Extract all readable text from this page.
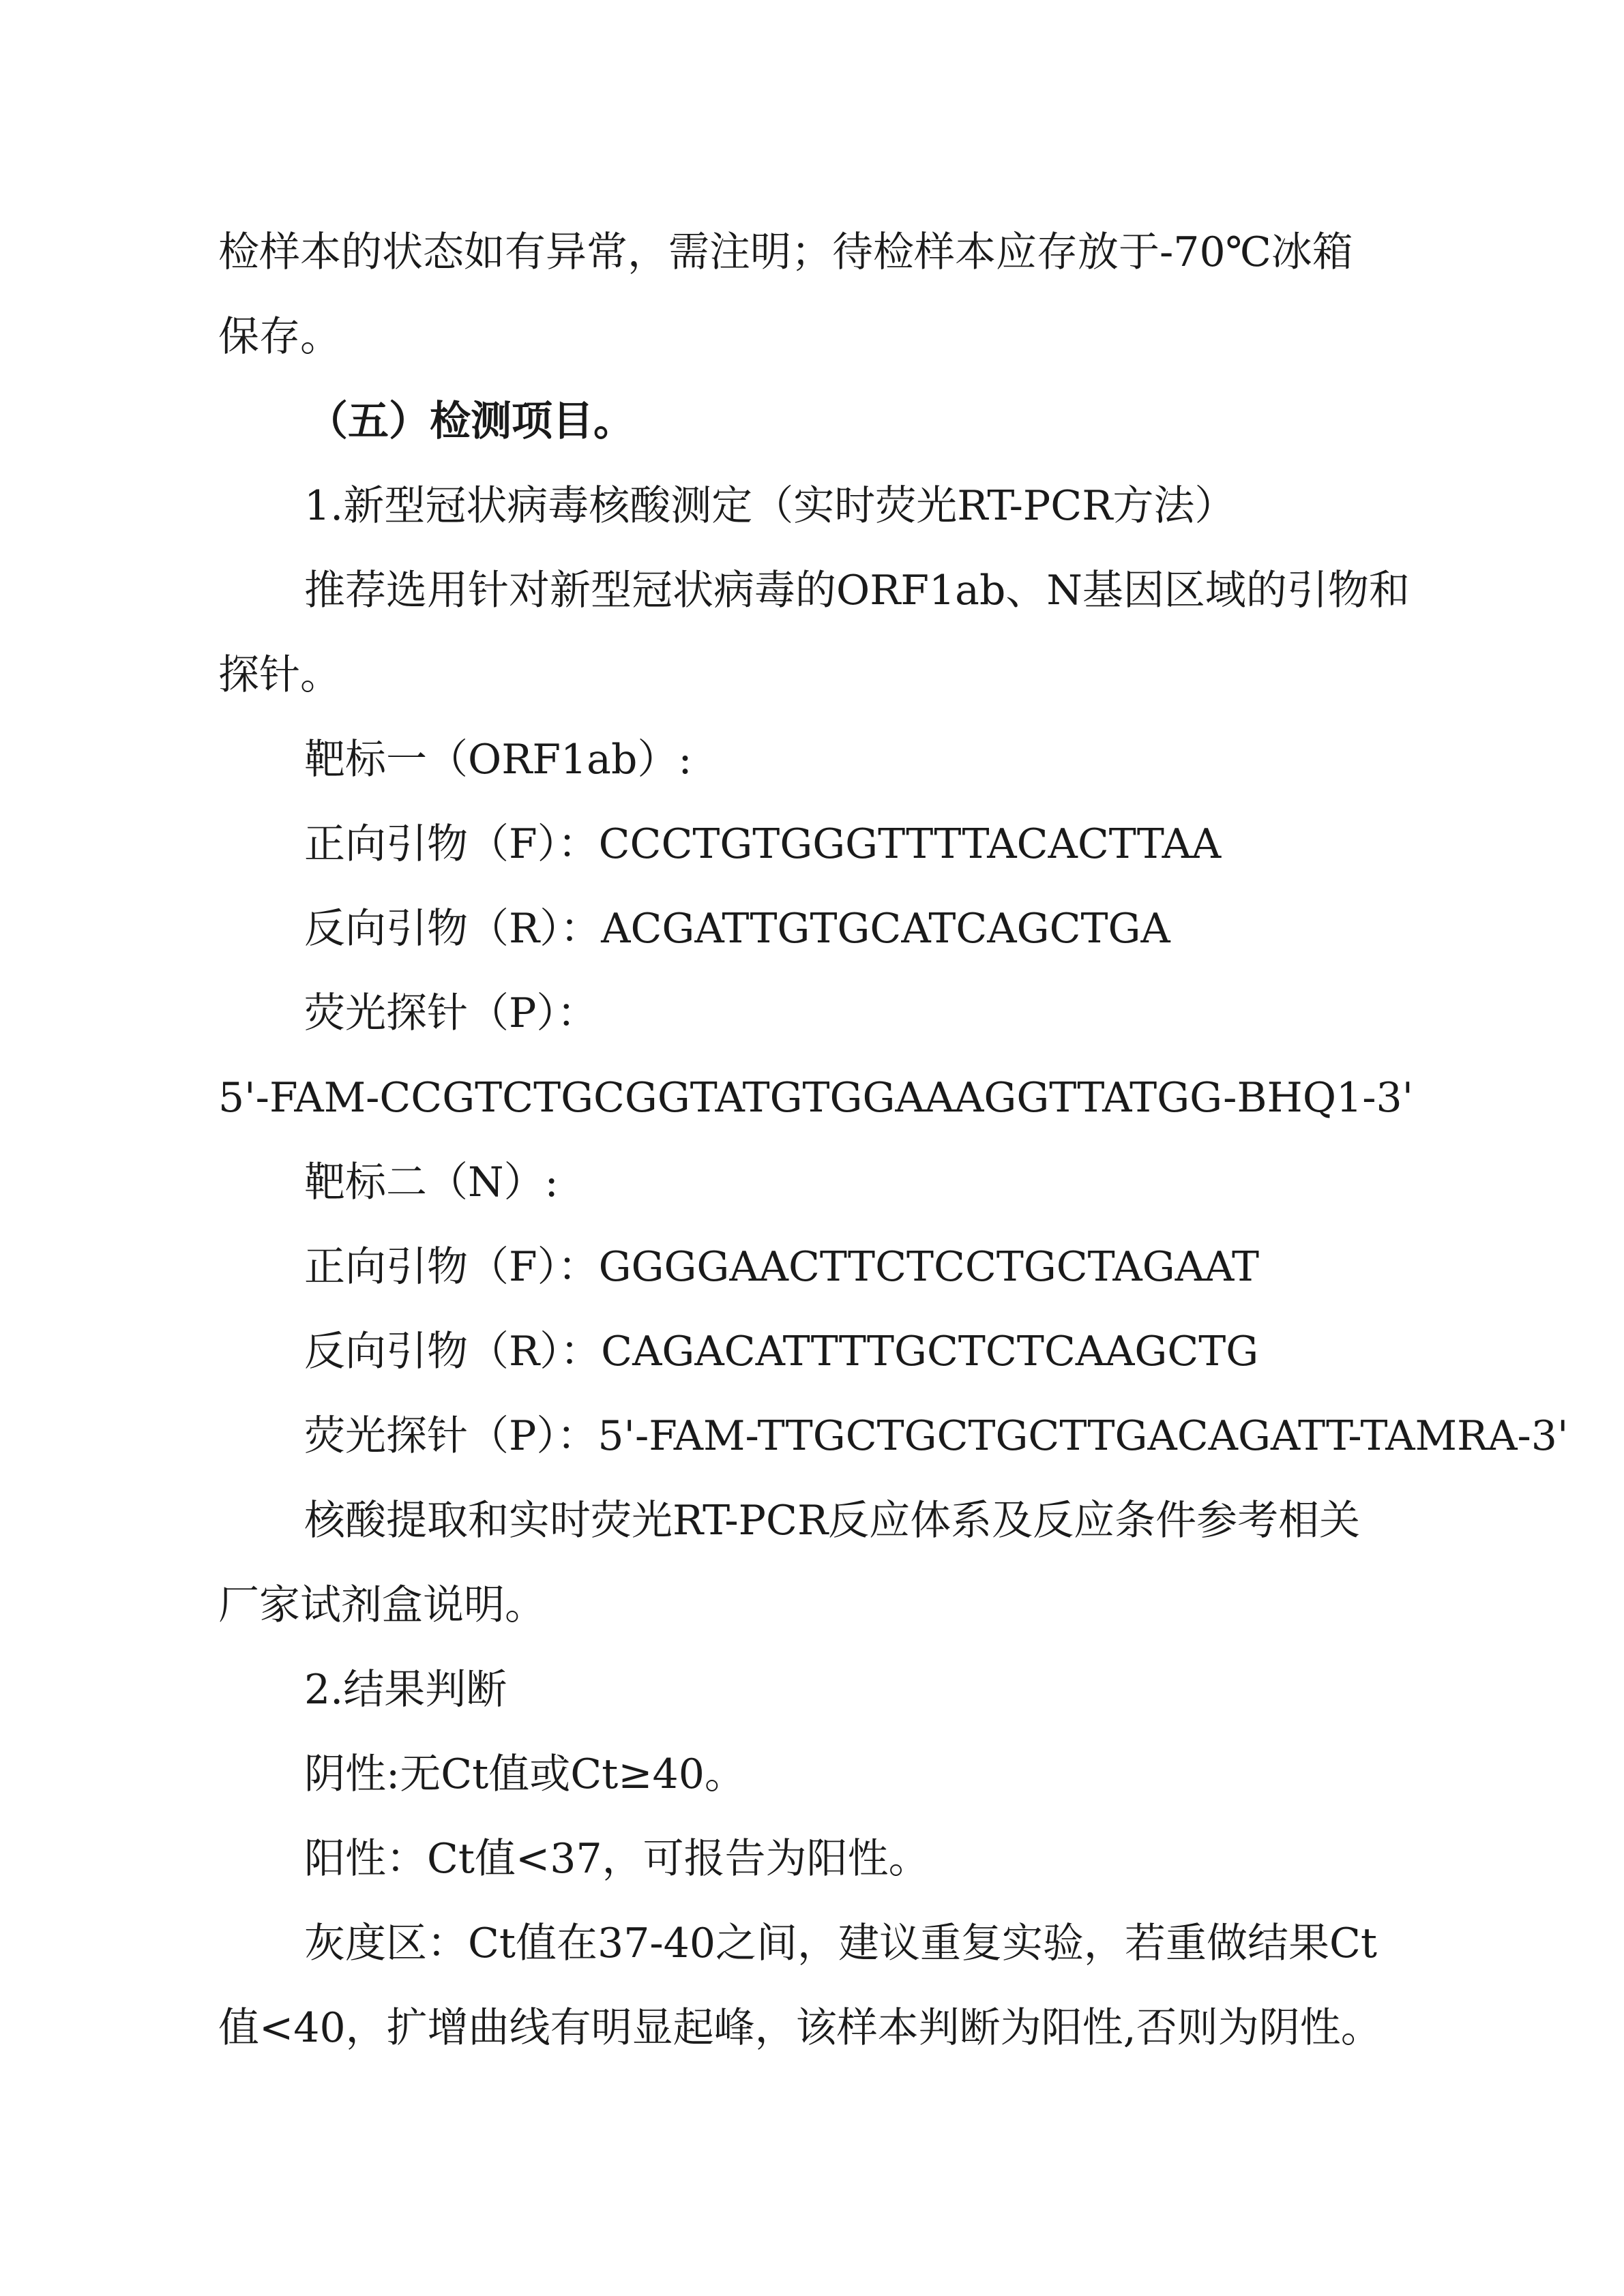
检样本的状态如有异常，需注明；待检样本应存放于-70℃冰箱

保存。

（五）检测项目。

1.新型冠状病毒核酸测定（实时荧光RT-PCR方法）

推荐选用针对新型冠状病毒的ORF1ab、N基因区域的引物和

探针。

靶标一（ORF1ab）:

正向引物（F）：CCCTGTGGGTTTTACACTTAA

反向引物（R）：ACGATTGTGCATCAGCTGA

荧光探针（P）：

5'-FAM-CCGTCTGCGGTATGTGGAAAGGTTATGG-BHQ1-3'

靶标二（N）:

正向引物（F）：GGGGAACTTCTCCTGCTAGAAT

反向引物（R）：CAGACATTTTGCTCTCAAGCTG

荧光探针（P）：5'-FAM-TTGCTGCTGCTTGACAGATT-TAMRA-3'

核酸提取和实时荧光RT-PCR反应体系及反应条件参考相关

厂家试剂盒说明。

2.结果判断

阴性:无Ct值或Ct≥40。

阳性：Ct值<37，可报告为阳性。

灰度区：Ct值在37-40之间，建议重复实验，若重做结果Ct

值<40，扩增曲线有明显起峰，该样本判断为阳性,否则为阴性。
